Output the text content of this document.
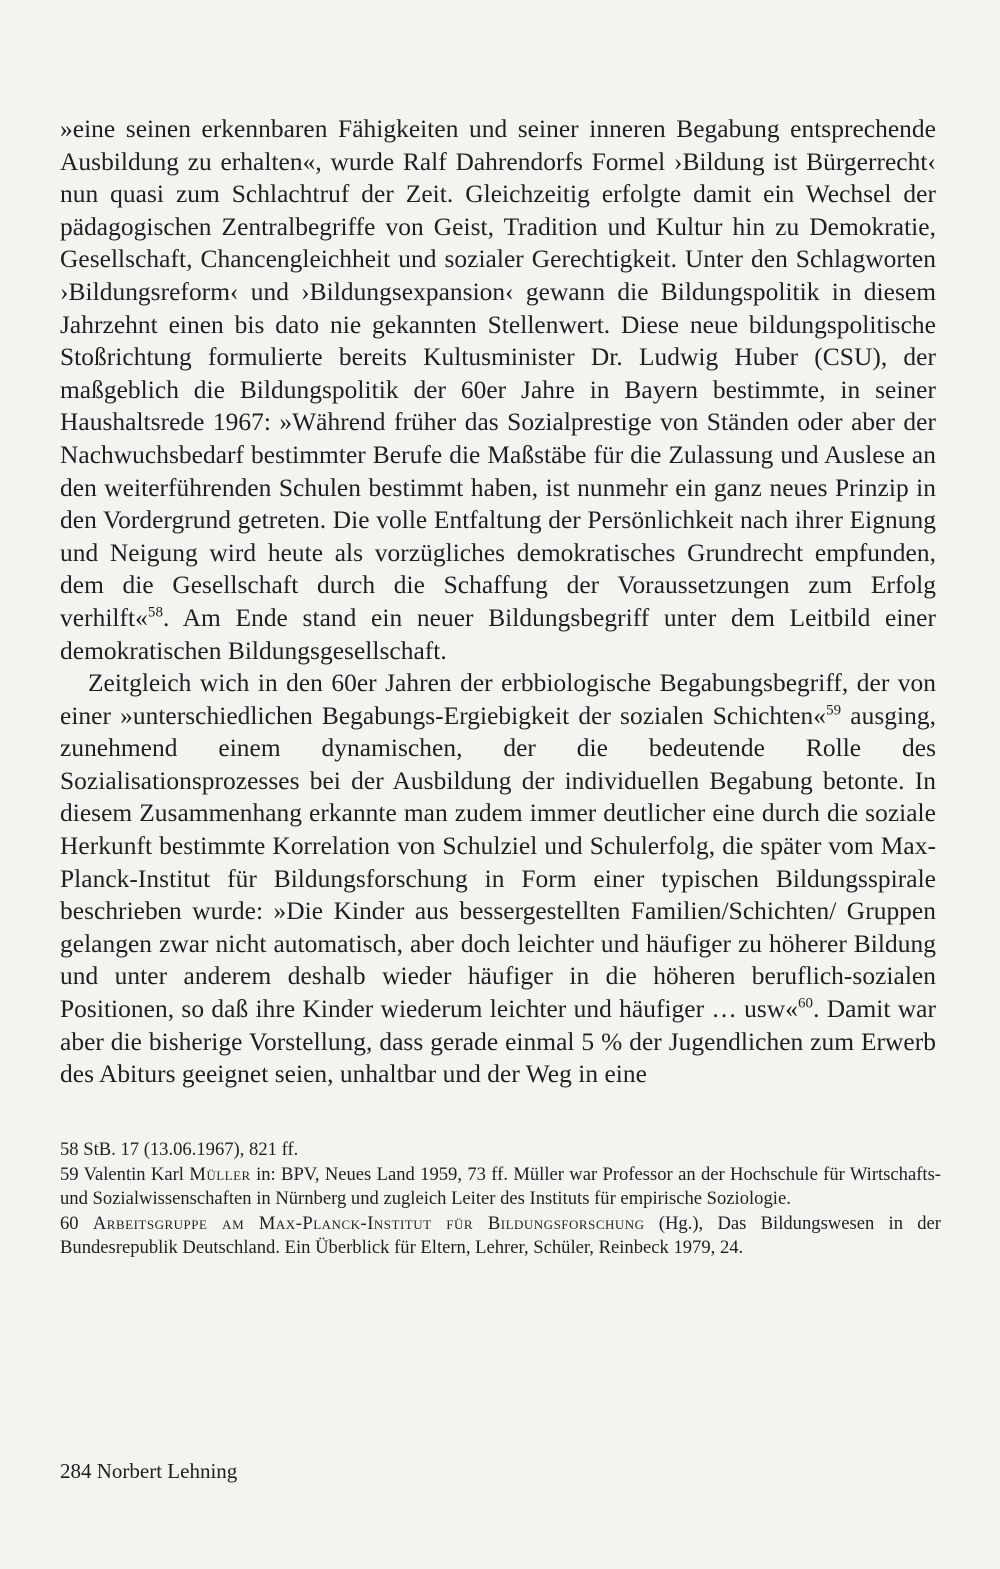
»eine seinen erkennbaren Fähigkeiten und seiner inneren Begabung entsprechende Ausbildung zu erhalten«, wurde Ralf Dahrendorfs Formel ›Bildung ist Bürgerrecht‹ nun quasi zum Schlachtruf der Zeit. Gleichzeitig erfolgte damit ein Wechsel der pädagogischen Zentralbegriffe von Geist, Tradition und Kultur hin zu Demokratie, Gesellschaft, Chancengleichheit und sozialer Gerechtigkeit. Unter den Schlagworten ›Bildungsreform‹ und ›Bildungsexpansion‹ gewann die Bildungspolitik in diesem Jahrzehnt einen bis dato nie gekannten Stellenwert. Diese neue bildungspolitische Stoßrichtung formulierte bereits Kultusminister Dr. Ludwig Huber (CSU), der maßgeblich die Bildungspolitik der 60er Jahre in Bayern bestimmte, in seiner Haushaltsrede 1967: »Während früher das Sozialprestige von Ständen oder aber der Nachwuchsbedarf bestimmter Berufe die Maßstäbe für die Zulassung und Auslese an den weiterführenden Schulen bestimmt haben, ist nunmehr ein ganz neues Prinzip in den Vordergrund getreten. Die volle Entfaltung der Persönlichkeit nach ihrer Eignung und Neigung wird heute als vorzügliches demokratisches Grundrecht empfunden, dem die Gesellschaft durch die Schaffung der Voraussetzungen zum Erfolg verhilft«$^{58}$. Am Ende stand ein neuer Bildungsbegriff unter dem Leitbild einer demokratischen Bildungsgesellschaft.

Zeitgleich wich in den 60er Jahren der erbbiologische Begabungsbegriff, der von einer »unterschiedlichen Begabungs-Ergiebigkeit der sozialen Schichten«$^{59}$ ausging, zunehmend einem dynamischen, der die bedeutende Rolle des Sozialisationsprozesses bei der Ausbildung der individuellen Begabung betonte. In diesem Zusammenhang erkannte man zudem immer deutlicher eine durch die soziale Herkunft bestimmte Korrelation von Schulziel und Schulerfolg, die später vom Max-Planck-Institut für Bildungsforschung in Form einer typischen Bildungsspirale beschrieben wurde: »Die Kinder aus bessergestellten Familien/Schichten/ Gruppen gelangen zwar nicht automatisch, aber doch leichter und häufiger zu höherer Bildung und unter anderem deshalb wieder häufiger in die höheren beruflich-sozialen Positionen, so daß ihre Kinder wiederum leichter und häufiger … usw«$^{60}$. Damit war aber die bisherige Vorstellung, dass gerade einmal 5 % der Jugendlichen zum Erwerb des Abiturs geeignet seien, unhaltbar und der Weg in eine

58 StB. 17 (13.06.1967), 821 ff.

59 Valentin Karl Müller in: BPV, Neues Land 1959, 73 ff. Müller war Professor an der Hochschule für Wirtschafts- und Sozialwissenschaften in Nürnberg und zugleich Leiter des Instituts für empirische Soziologie.

60 Arbeitsgruppe am Max-Planck-Institut für Bildungsforschung (Hg.), Das Bildungswesen in der Bundesrepublik Deutschland. Ein Überblick für Eltern, Lehrer, Schüler, Reinbeck 1979, 24.

284 Norbert Lehning
